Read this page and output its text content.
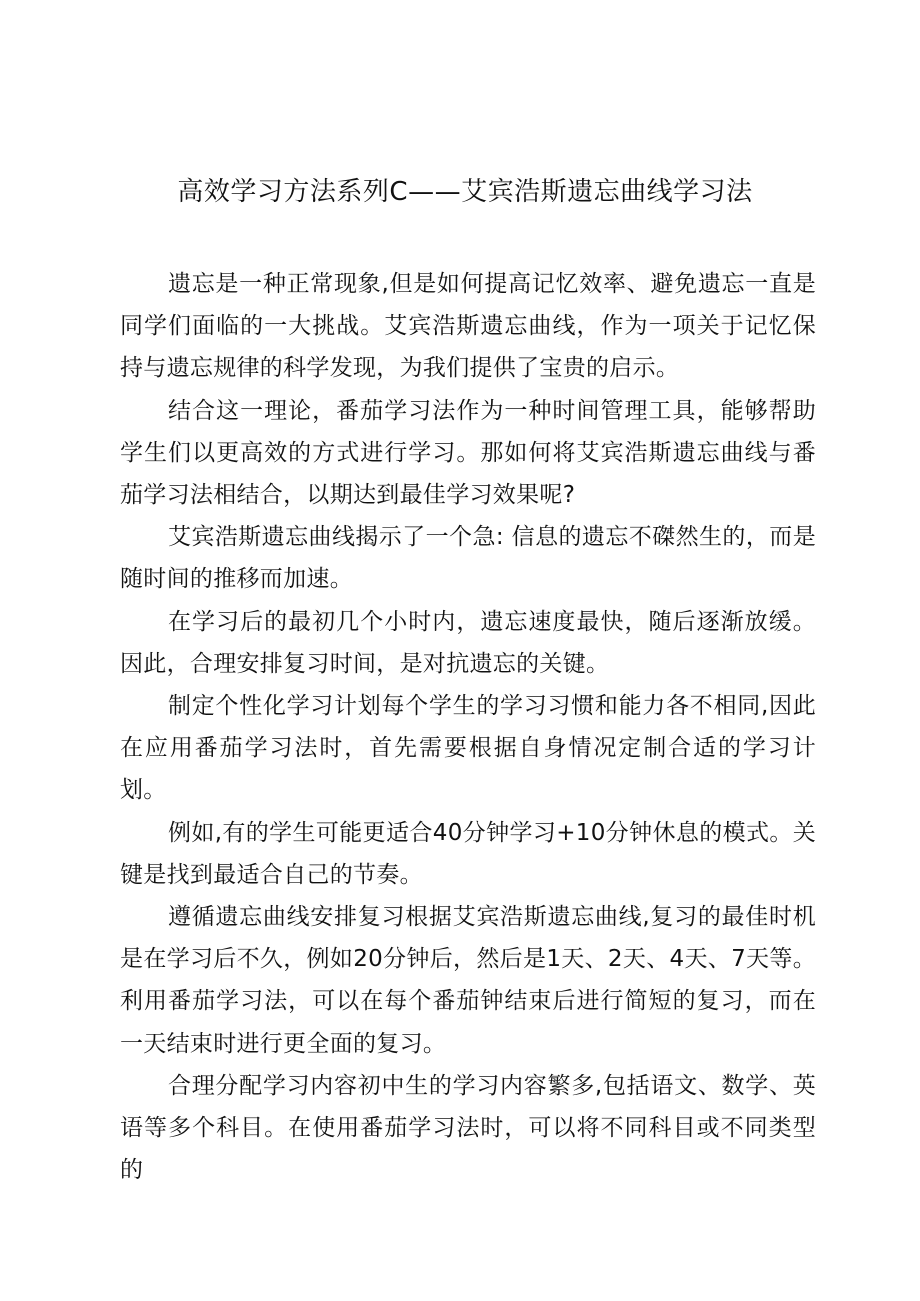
高效学习方法系列C——艾宾浩斯遗忘曲线学习法

遗忘是一种正常现象,但是如何提高记忆效率、避免遗忘一直是同学们面临的一大挑战。艾宾浩斯遗忘曲线，作为一项关于记忆保持与遗忘规律的科学发现，为我们提供了宝贵的启示。

结合这一理论，番茄学习法作为一种时间管理工具，能够帮助学生们以更高效的方式进行学习。那如何将艾宾浩斯遗忘曲线与番茄学习法相结合，以期达到最佳学习效果呢?

艾宾浩斯遗忘曲线揭示了一个急: 信息的遗忘不磔然生的，而是随时间的推移而加速。

在学习后的最初几个小时内，遗忘速度最快，随后逐渐放缓。因此，合理安排复习时间，是对抗遗忘的关键。

制定个性化学习计划每个学生的学习习惯和能力各不相同,因此在应用番茄学习法时，首先需要根据自身情况定制合适的学习计划。

例如,有的学生可能更适合40分钟学习+10分钟休息的模式。关键是找到最适合自己的节奏。

遵循遗忘曲线安排复习根据艾宾浩斯遗忘曲线,复习的最佳时机是在学习后不久，例如20分钟后，然后是1天、2天、4天、7天等。利用番茄学习法，可以在每个番茄钟结束后进行简短的复习，而在一天结束时进行更全面的复习。

合理分配学习内容初中生的学习内容繁多,包括语文、数学、英语等多个科目。在使用番茄学习法时，可以将不同科目或不同类型的
